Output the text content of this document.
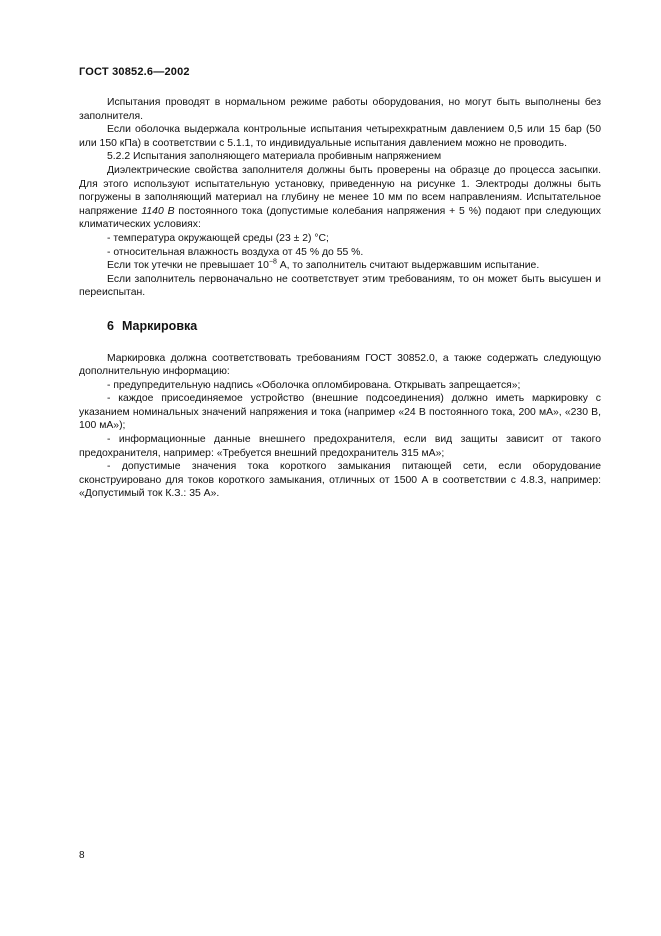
ГОСТ 30852.6—2002

Испытания проводят в нормальном режиме работы оборудования, но могут быть выполнены без заполнителя.

Если оболочка выдержала контрольные испытания четырехкратным давлением 0,5 или 15 бар (50 или 150 кПа) в соответствии с 5.1.1, то индивидуальные испытания давлением можно не проводить.

5.2.2 Испытания заполняющего материала пробивным напряжением

Диэлектрические свойства заполнителя должны быть проверены на образце до процесса засыпки. Для этого используют испытательную установку, приведенную на рисунке 1. Электроды должны быть погружены в заполняющий материал на глубину не менее 10 мм по всем направлениям. Испытательное напряжение 1140 В постоянного тока (допустимые колебания напряжения + 5 %) подают при следующих климатических условиях:

- температура окружающей среды (23 ± 2) °С;

- относительная влажность воздуха от 45 % до 55 %.

Если ток утечки не превышает $10^{-8}$ А, то заполнитель считают выдержавшим испытание.

Если заполнитель первоначально не соответствует этим требованиям, то он может быть высушен и переиспытан.

6 Маркировка

Маркировка должна соответствовать требованиям ГОСТ 30852.0, а также содержать следующую дополнительную информацию:

- предупредительную надпись «Оболочка опломбирована. Открывать запрещается»;

- каждое присоединяемое устройство (внешние подсоединения) должно иметь маркировку с указанием номинальных значений напряжения и тока (например «24 В постоянного тока, 200 мА», «230 В, 100 мА»);

- информационные данные внешнего предохранителя, если вид защиты зависит от такого предохранителя, например: «Требуется внешний предохранитель 315 мА»;

- допустимые значения тока короткого замыкания питающей сети, если оборудование сконструировано для токов короткого замыкания, отличных от 1500 А в соответствии с 4.8.3, например: «Допустимый ток К.З.: 35 А».

8
